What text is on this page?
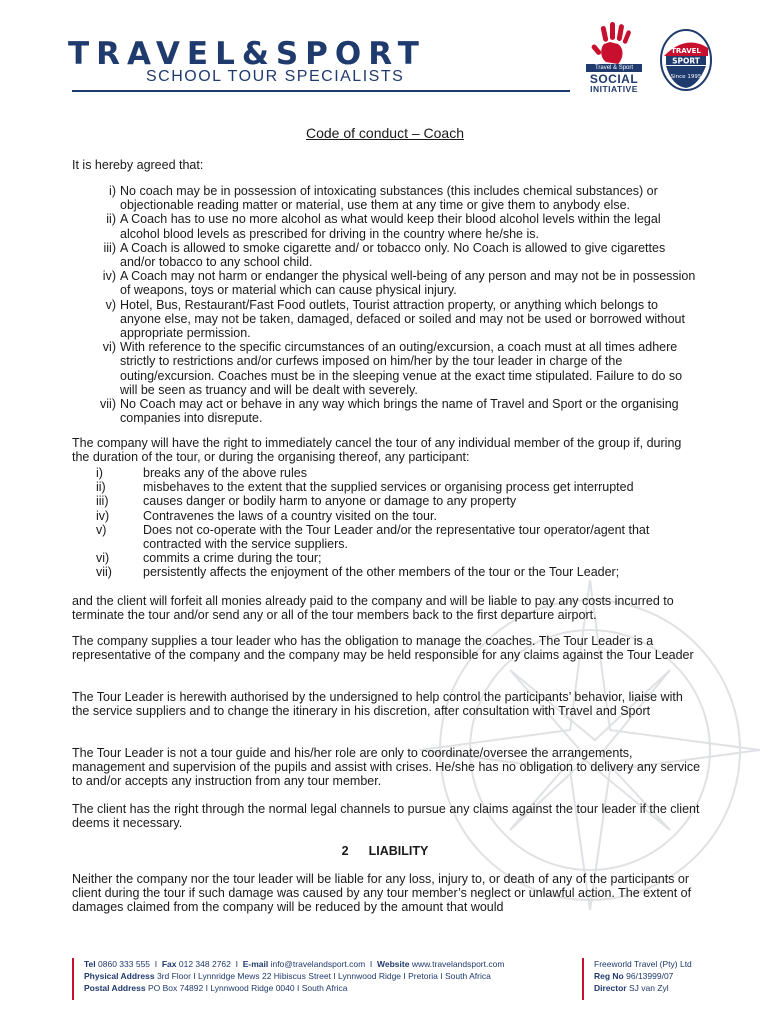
TRAVEL&SPORT
SCHOOL TOUR SPECIALISTS	Travel & Sport
SOCIAL
INITIATIVE
TRAVEL
SPORT
Since 1995
Code of conduct – Coach
It is hereby agreed that:
i) No coach may be in possession of intoxicating substances (this includes chemical substances) or objectionable reading matter or material, use them at any time or give them to anybody else.
ii) A Coach has to use no more alcohol as what would keep their blood alcohol levels within the legal alcohol blood levels as prescribed for driving in the country where he/she is.
iii) A Coach is allowed to smoke cigarette and/ or tobacco only. No Coach is allowed to give cigarettes and/or tobacco to any school child.
iv) A Coach may not harm or endanger the physical well-being of any person and may not be in possession of weapons, toys or material which can cause physical injury.
v) Hotel, Bus, Restaurant/Fast Food outlets, Tourist attraction property, or anything which belongs to anyone else, may not be taken, damaged, defaced or soiled and may not be used or borrowed without appropriate permission.
vi) With reference to the specific circumstances of an outing/excursion, a coach must at all times adhere strictly to restrictions and/or curfews imposed on him/her by the tour leader in charge of the outing/excursion. Coaches must be in the sleeping venue at the exact time stipulated. Failure to do so will be seen as truancy and will be dealt with severely.
vii) No Coach may act or behave in any way which brings the name of Travel and Sport or the organising companies into disrepute.

The company will have the right to immediately cancel the tour of any individual member of the group if, during the duration of the tour, or during the organising thereof, any participant:

i)	breaks any of the above rules
ii)	misbehaves to the extent that the supplied services or organising process get interrupted
iii)	causes danger or bodily harm to anyone or damage to any property
iv)	Contravenes the laws of a country visited on the tour.
v)	Does not co-operate with the Tour Leader and/or the representative tour operator/agent that contracted with the service suppliers.
vi)	commits a crime during the tour;
vii) persistently affects the enjoyment of the other members of the tour or the Tour Leader;

and the client will forfeit all monies already paid to the company and will be liable to pay any costs incurred to terminate the tour and/or send any or all of the tour members back to the first departure airport.

The company supplies a tour leader who has the obligation to manage the coaches. The Tour Leader is a representative of the company and the company may be held responsible for any claims against the Tour Leader

The Tour Leader is herewith authorised by the undersigned to help control the participants’ behavior, liaise with the service suppliers and to change the itinerary in his discretion, after consultation with Travel and Sport

The Tour Leader is not a tour guide and his/her role are only to coordinate/oversee the arrangements, management and supervision of the pupils and assist with crises. He/she has no obligation to delivery any service to and/or accepts any instruction from any tour member.

The client has the right through the normal legal channels to pursue any claims against the tour leader if the client deems it necessary.

2 LIABILITY

Neither the company nor the tour leader will be liable for any loss, injury to, or death of any of the participants or client during the tour if such damage was caused by any tour member’s neglect or unlawful action. The extent of damages claimed from the company will be reduced by the amount that would

Tel 0860 333 555  I  Fax 012 348 2762  I  E-mail info@travelandsport.com  I  Website www.travelandsport.com
Physical Address 3rd Floor I Lynnridge Mews 22 Hibiscus Street I Lynnwood Ridge I Pretoria I South Africa
Postal Address PO Box 74892 I Lynnwood Ridge 0040 I South Africa
Freeworld Travel (Pty) Ltd
Reg No 96/13999/07
Director SJ van Zyl
